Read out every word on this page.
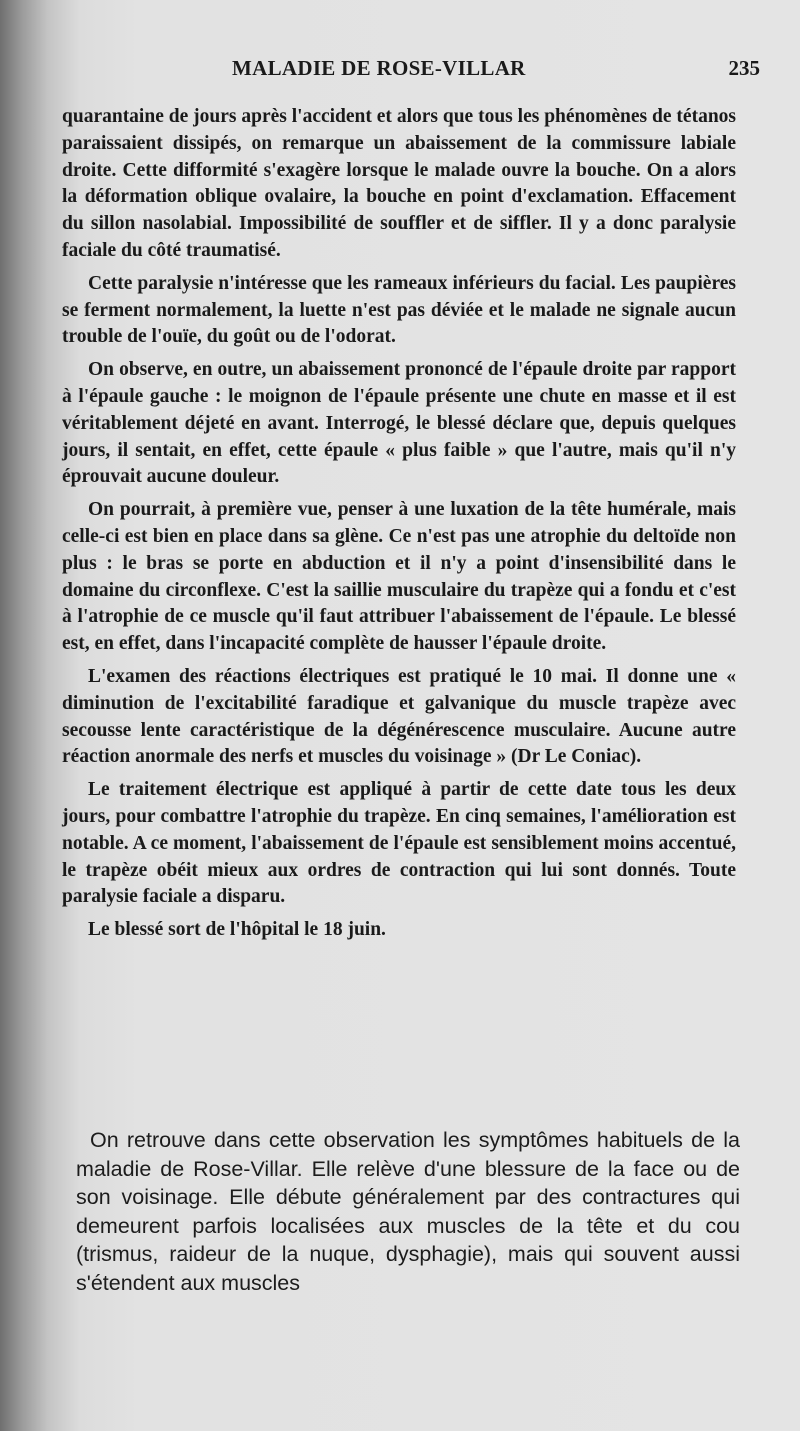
MALADIE DE ROSE-VILLAR	235

quarantaine de jours après l'accident et alors que tous les phénomènes de tétanos paraissaient dissipés, on remarque un abaissement de la commissure labiale droite. Cette difformité s'exagère lorsque le malade ouvre la bouche. On a alors la déformation oblique ovalaire, la bouche en point d'exclamation. Effacement du sillon nasolabial. Impossibilité de souffler et de siffler. Il y a donc paralysie faciale du côté traumatisé.

Cette paralysie n'intéresse que les rameaux inférieurs du facial. Les paupières se ferment normalement, la luette n'est pas déviée et le malade ne signale aucun trouble de l'ouïe, du goût ou de l'odorat.

On observe, en outre, un abaissement prononcé de l'épaule droite par rapport à l'épaule gauche : le moignon de l'épaule présente une chute en masse et il est véritablement déjeté en avant. Interrogé, le blessé déclare que, depuis quelques jours, il sentait, en effet, cette épaule « plus faible » que l'autre, mais qu'il n'y éprouvait aucune douleur.

On pourrait, à première vue, penser à une luxation de la tête humérale, mais celle-ci est bien en place dans sa glène. Ce n'est pas une atrophie du deltoïde non plus : le bras se porte en abduction et il n'y a point d'insensibilité dans le domaine du circonflexe. C'est la saillie musculaire du trapèze qui a fondu et c'est à l'atrophie de ce muscle qu'il faut attribuer l'abaissement de l'épaule. Le blessé est, en effet, dans l'incapacité complète de hausser l'épaule droite.

L'examen des réactions électriques est pratiqué le 10 mai. Il donne une « diminution de l'excitabilité faradique et galvanique du muscle trapèze avec secousse lente caractéristique de la dégénérescence musculaire. Aucune autre réaction anormale des nerfs et muscles du voisinage » (Dr Le Coniac).

Le traitement électrique est appliqué à partir de cette date tous les deux jours, pour combattre l'atrophie du trapèze. En cinq semaines, l'amélioration est notable. A ce moment, l'abaissement de l'épaule est sensiblement moins accentué, le trapèze obéit mieux aux ordres de contraction qui lui sont donnés. Toute paralysie faciale a disparu.

Le blessé sort de l'hôpital le 18 juin.

On retrouve dans cette observation les symptômes habituels de la maladie de Rose-Villar. Elle relève d'une blessure de la face ou de son voisinage. Elle débute généralement par des contractures qui demeurent parfois localisées aux muscles de la tête et du cou (trismus, raideur de la nuque, dysphagie), mais qui souvent aussi s'étendent aux muscles
